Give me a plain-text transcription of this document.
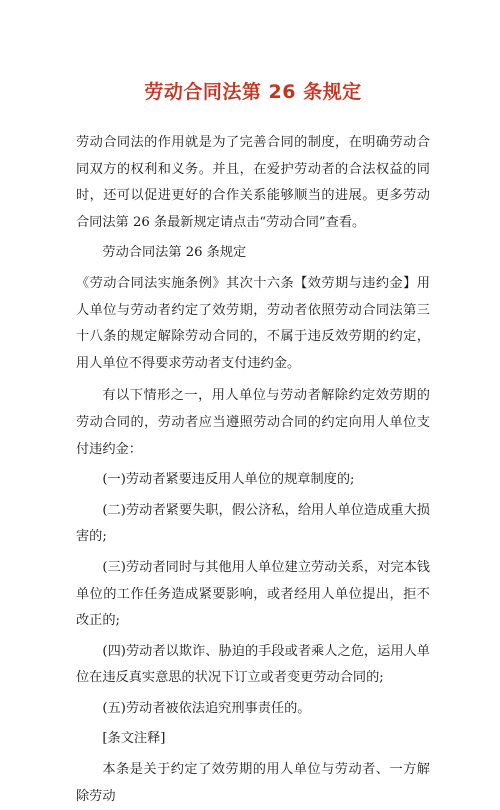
劳动合同法第 26 条规定

劳动合同法的作用就是为了完善合同的制度，在明确劳动合同双方的权利和义务。并且，在爱护劳动者的合法权益的同时，还可以促进更好的合作关系能够顺当的进展。更多劳动合同法第 26 条最新规定请点击“劳动合同”查看。

劳动合同法第 26 条规定

《劳动合同法实施条例》其次十六条【效劳期与违约金】用人单位与劳动者约定了效劳期，劳动者依照劳动合同法第三十八条的规定解除劳动合同的，不属于违反效劳期的约定，用人单位不得要求劳动者支付违约金。

有以下情形之一，用人单位与劳动者解除约定效劳期的劳动合同的，劳动者应当遵照劳动合同的约定向用人单位支付违约金：

(一)劳动者紧要违反用人单位的规章制度的;

(二)劳动者紧要失职，假公济私，给用人单位造成重大损害的;

(三)劳动者同时与其他用人单位建立劳动关系，对完本钱单位的工作任务造成紧要影响，或者经用人单位提出，拒不改正的;

(四)劳动者以欺诈、胁迫的手段或者乘人之危，运用人单位在违反真实意思的状况下订立或者变更劳动合同的;

(五)劳动者被依法追究刑事责任的。

[条文注释]

本条是关于约定了效劳期的用人单位与劳动者、一方解除劳动
